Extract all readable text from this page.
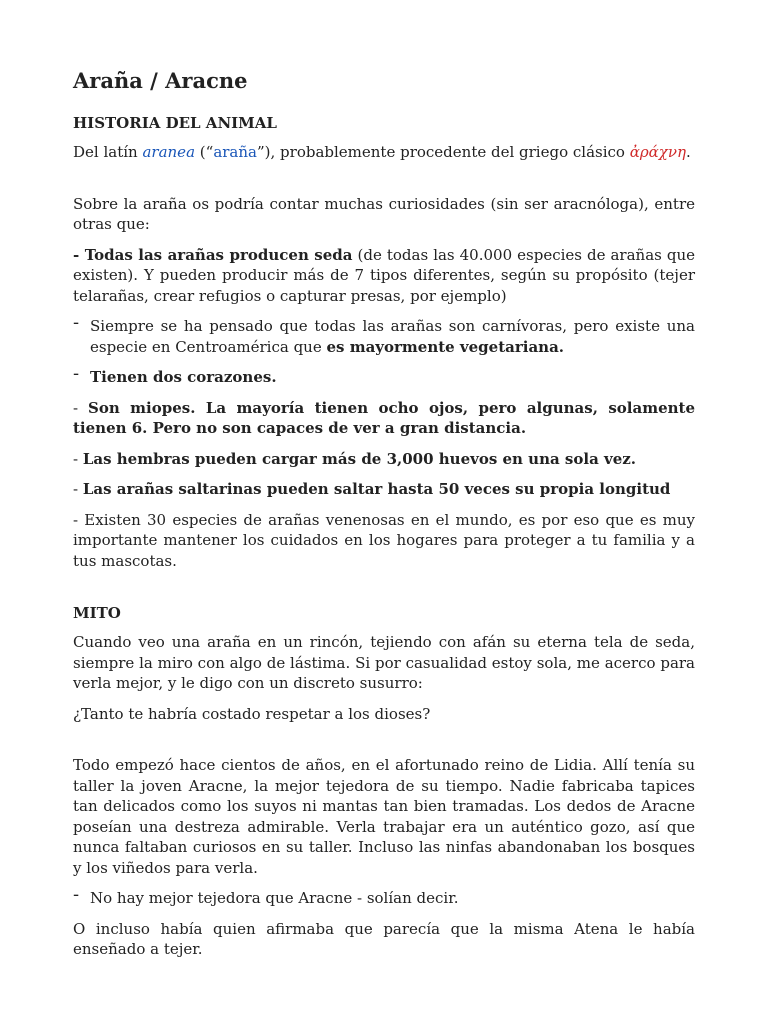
Araña / Aracne
HISTORIA DEL ANIMAL

Del latín aranea (“araña”), probablemente procedente del griego clásico ἀράχνη.

Sobre la araña os podría contar muchas curiosidades (sin ser aracnóloga), entre otras que:

- Todas las arañas producen seda (de todas las 40.000 especies de arañas que existen). Y pueden producir más de 7 tipos diferentes, según su propósito (tejer telarañas, crear refugios o capturar presas, por ejemplo)

- Siempre se ha pensado que todas las arañas son carnívoras, pero existe una especie en Centroamérica que es mayormente vegetariana.
- Tienen dos corazones.

- Son miopes. La mayoría tienen ocho ojos, pero algunas, solamente tienen 6. Pero no son capaces de ver a gran distancia.

- Las hembras pueden cargar más de 3,000 huevos en una sola vez.

- Las arañas saltarinas pueden saltar hasta 50 veces su propia longitud

- Existen 30 especies de arañas venenosas en el mundo, es por eso que es muy importante mantener los cuidados en los hogares para proteger a tu familia y a tus mascotas.

MITO

Cuando veo una araña en un rincón, tejiendo con afán su eterna tela de seda, siempre la miro con algo de lástima. Si por casualidad estoy sola, me acerco para verla mejor, y le digo con un discreto susurro:

¿Tanto te habría costado respetar a los dioses?

Todo empezó hace cientos de años, en el afortunado reino de Lidia. Allí tenía su taller la joven Aracne, la mejor tejedora de su tiempo. Nadie fabricaba tapices tan delicados como los suyos ni mantas tan bien tramadas. Los dedos de Aracne poseían una destreza admirable. Verla trabajar era un auténtico gozo, así que nunca faltaban curiosos en su taller. Incluso las ninfas abandonaban los bosques y los viñedos para verla.

- No hay mejor tejedora que Aracne - solían decir.

O incluso había quien afirmaba que parecía que la misma Atena le había enseñado a tejer.
